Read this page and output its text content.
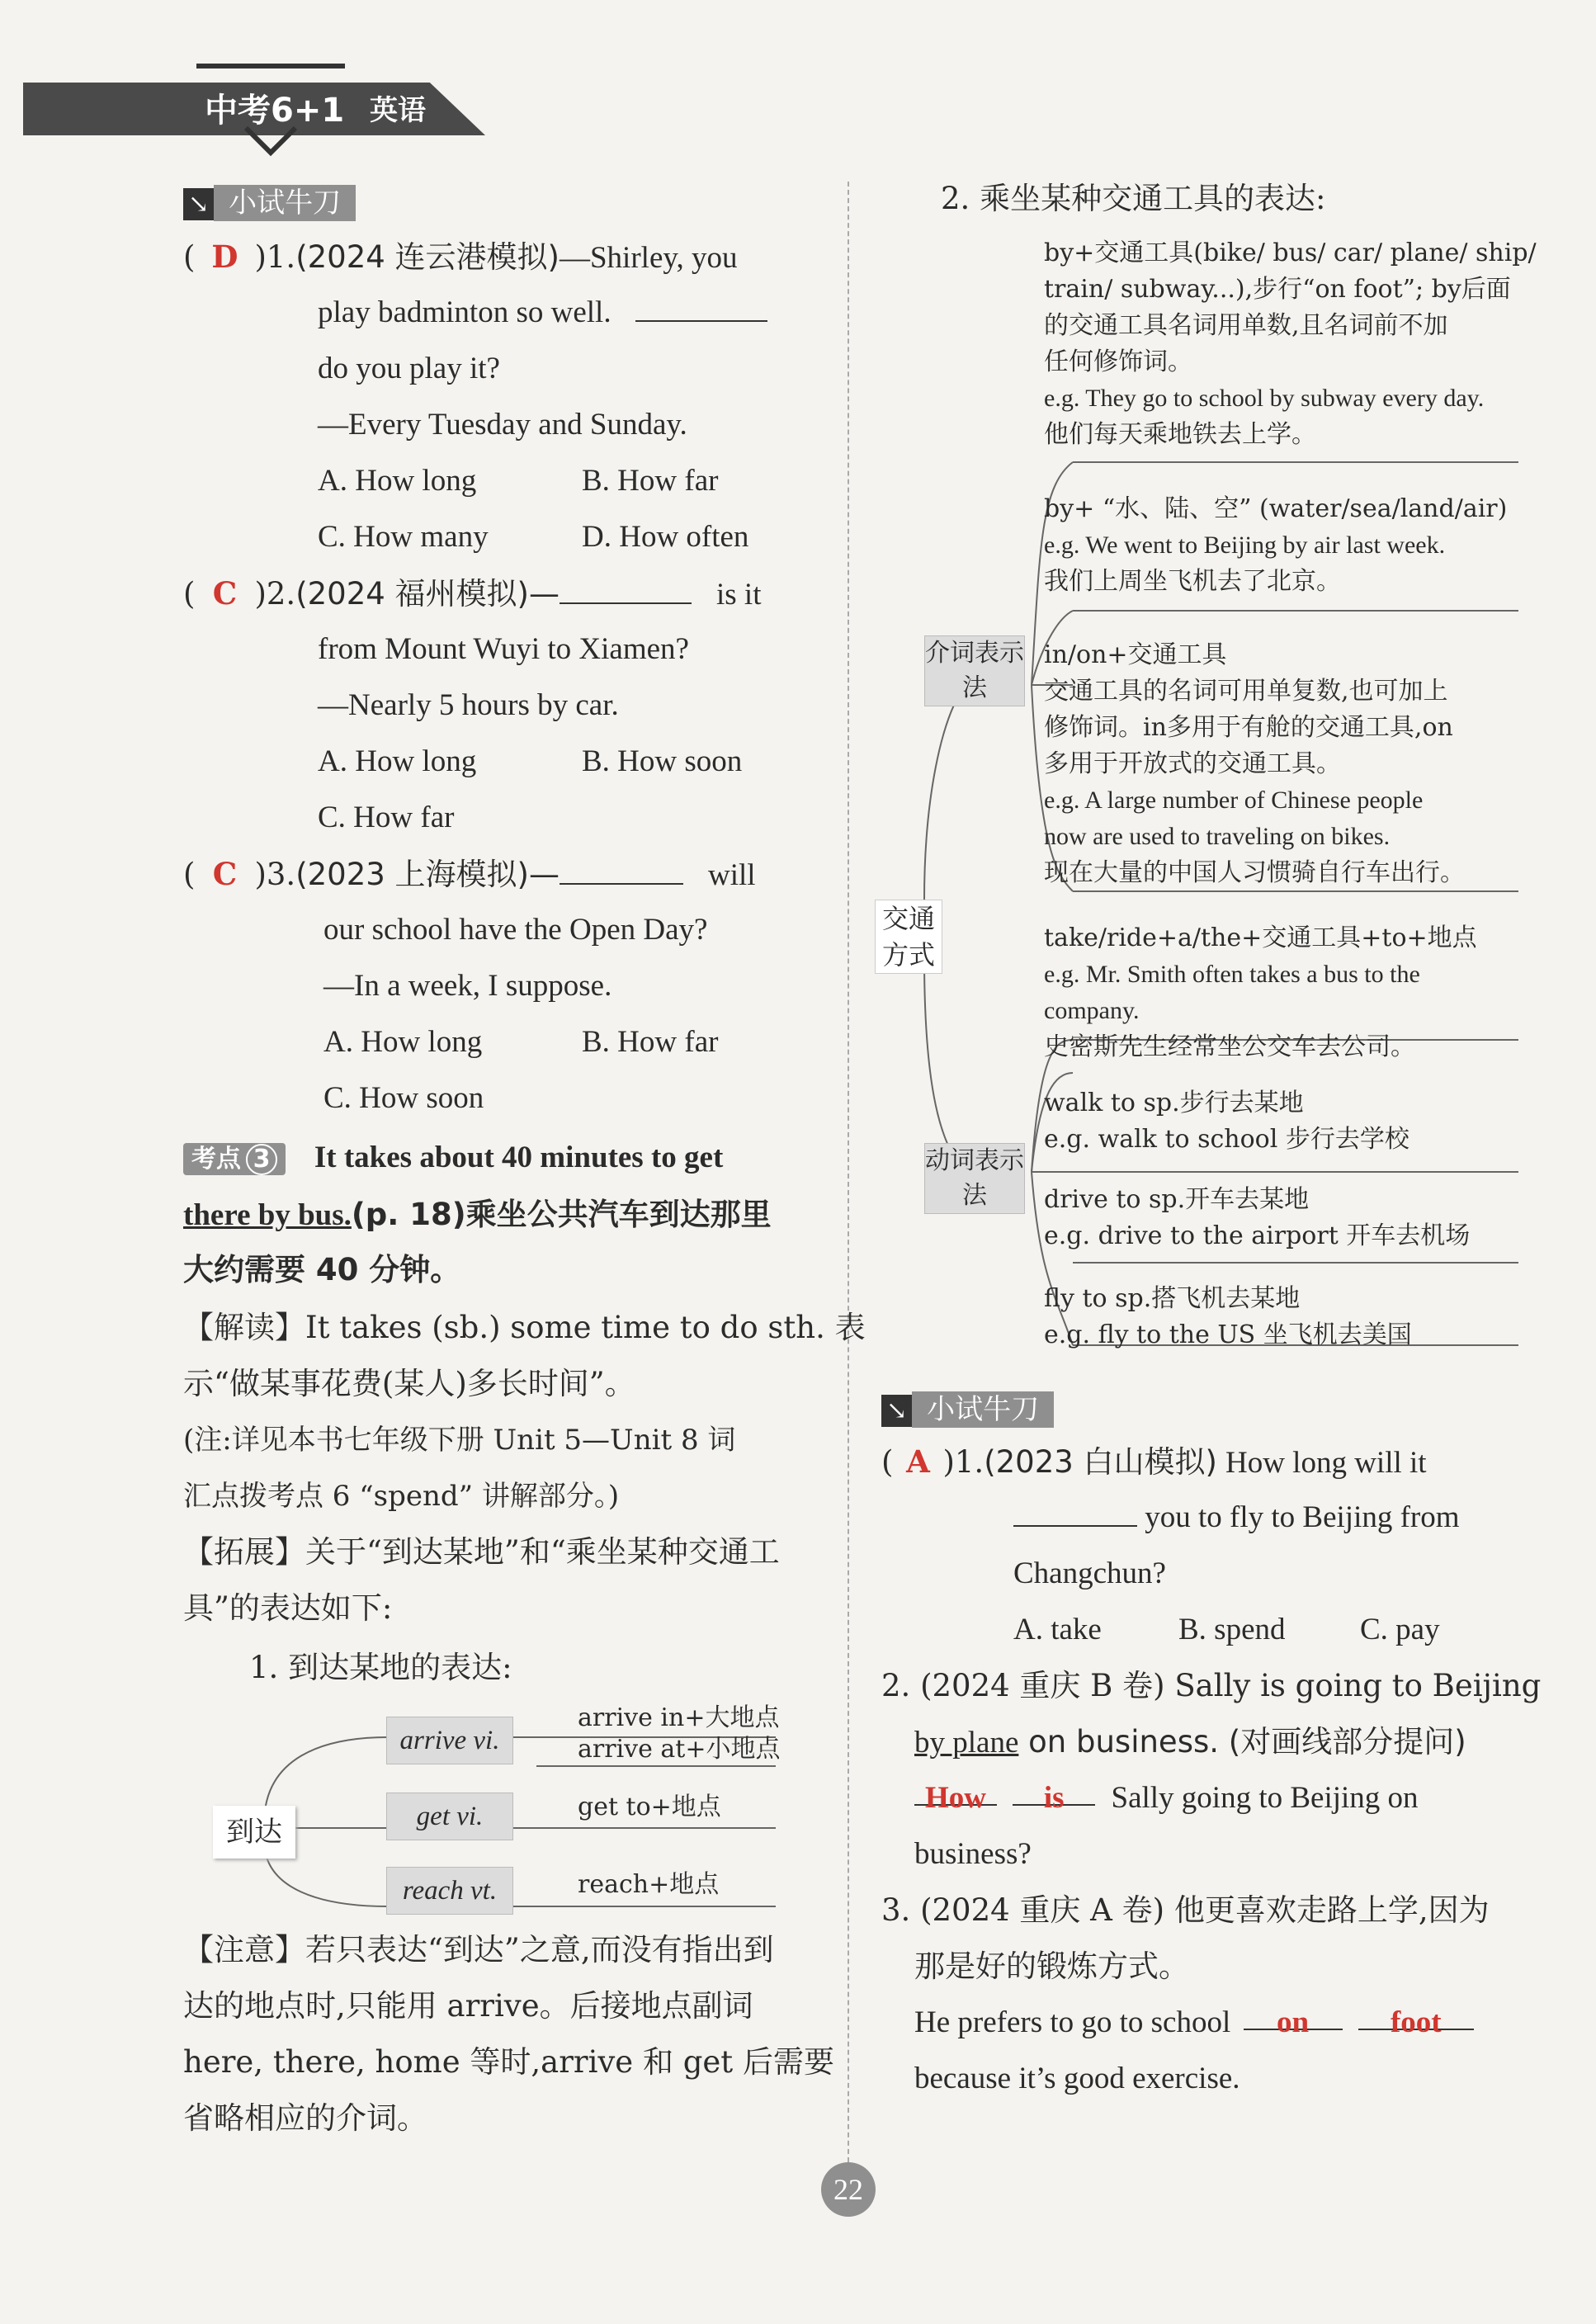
中考6+1 英语
↘ 小试牛刀
( D )1.(2024 连云港模拟)—Shirley, you
play badminton so well.
do you play it?
—Every Tuesday and Sunday.
A. How long	B. How far
C. How many	D. How often
( C )2.(2024 福州模拟)—	is it
from Mount Wuyi to Xiamen?
—Nearly 5 hours by car.
A. How long	B. How soon
C. How far
( C )3.(2023 上海模拟)—	will
our school have the Open Day?
—In a week, I suppose.
A. How long	B. How far
C. How soon
考点 3 It takes about 40 minutes to get
there by bus.(p. 18)乘坐公共汽车到达那里
大约需要 40 分钟。
【解读】It takes (sb.) some time to do sth. 表
示“做某事花费(某人)多长时间”。
(注:详见本书七年级下册 Unit 5—Unit 8 词
汇点拨考点 6 “spend” 讲解部分。)
【拓展】关于“到达某地”和“乘坐某种交通工
具”的表达如下:
1. 到达某地的表达:
到达
arrive vi.
arrive in+大地点
arrive at+小地点
get vi.	get to+地点
reach vt.	reach+地点
【注意】若只表达“到达”之意,而没有指出到
达的地点时,只能用 arrive。后接地点副词
here, there, home 等时,arrive 和 get 后需要
省略相应的介词。
2. 乘坐某种交通工具的表达:
交通方式
介词表示法
动词表示法
by+交通工具(bike/ bus/ car/ plane/ ship/
train/ subway...),步行“on foot”; by后面
的交通工具名词用单数,且名词前不加
任何修饰词。
e.g. They go to school by subway every day.
他们每天乘地铁去上学。
by+ “水、陆、空” (water/sea/land/air)
e.g. We went to Beijing by air last week.
我们上周坐飞机去了北京。
in/on+交通工具
交通工具的名词可用单复数,也可加上
修饰词。in多用于有舱的交通工具,on
多用于开放式的交通工具。
e.g. A large number of Chinese people
now are used to traveling on bikes.
现在大量的中国人习惯骑自行车出行。
take/ride+a/the+交通工具+to+地点
e.g. Mr. Smith often takes a bus to the
company.
史密斯先生经常坐公交车去公司。
walk to sp.步行去某地
e.g. walk to school 步行去学校
drive to sp.开车去某地
e.g. drive to the airport 开车去机场
fly to sp.搭飞机去某地
e.g. fly to the US 坐飞机去美国
↘ 小试牛刀
( A )1.(2023 白山模拟) How long will it
you to fly to Beijing from
Changchun?
A. take	B. spend C. pay
2. (2024 重庆 B 卷) Sally is going to Beijing
by plane on business. (对画线部分提问)
How is Sally going to Beijing on
business?
3. (2024 重庆 A 卷) 他更喜欢走路上学,因为
那是好的锻炼方式。
He prefers to go to school on	foot
because it’s good exercise.
22
